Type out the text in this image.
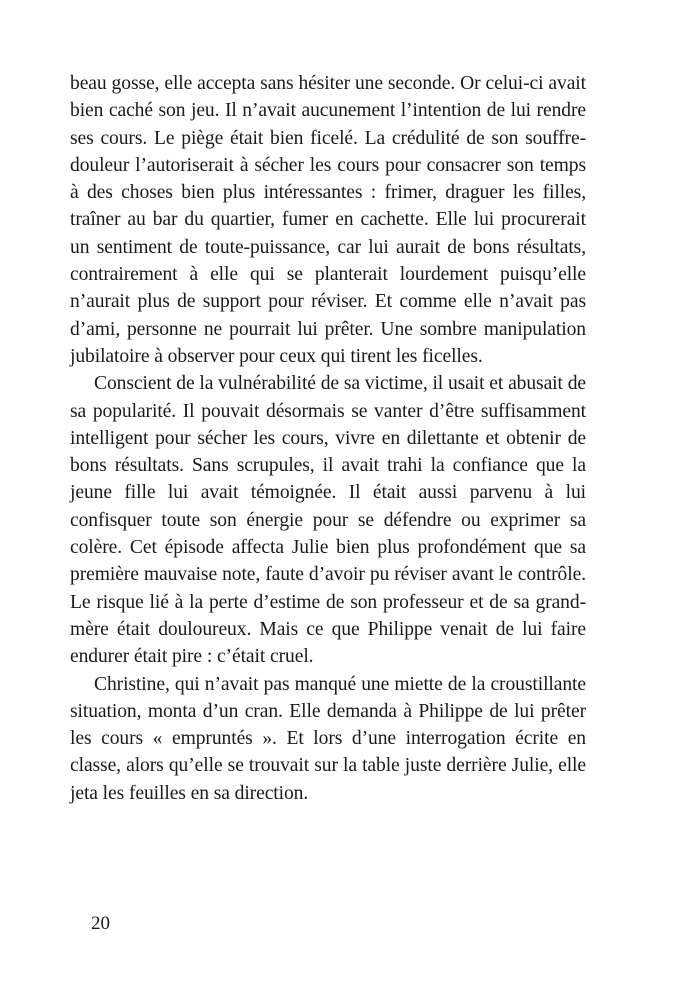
beau gosse, elle accepta sans hésiter une seconde. Or celui-ci avait bien caché son jeu. Il n’avait aucunement l’intention de lui rendre ses cours. Le piège était bien ficelé. La crédulité de son souffre-douleur l’autoriserait à sécher les cours pour consacrer son temps à des choses bien plus intéressantes : frimer, draguer les filles, traîner au bar du quartier, fumer en cachette. Elle lui procurerait un sentiment de toute-puissance, car lui aurait de bons résultats, contrairement à elle qui se planterait lourdement puisqu’elle n’aurait plus de support pour réviser. Et comme elle n’avait pas d’ami, personne ne pourrait lui prêter. Une sombre manipulation jubilatoire à observer pour ceux qui tirent les ficelles.

Conscient de la vulnérabilité de sa victime, il usait et abusait de sa popularité. Il pouvait désormais se vanter d’être suffisamment intelligent pour sécher les cours, vivre en dilettante et obtenir de bons résultats. Sans scrupules, il avait trahi la confiance que la jeune fille lui avait témoignée. Il était aussi parvenu à lui confisquer toute son énergie pour se défendre ou exprimer sa colère. Cet épisode affecta Julie bien plus profondément que sa première mauvaise note, faute d’avoir pu réviser avant le contrôle. Le risque lié à la perte d’estime de son professeur et de sa grand-mère était douloureux. Mais ce que Philippe venait de lui faire endurer était pire : c’était cruel.

Christine, qui n’avait pas manqué une miette de la croustillante situation, monta d’un cran. Elle demanda à Philippe de lui prêter les cours « empruntés ». Et lors d’une interrogation écrite en classe, alors qu’elle se trouvait sur la table juste derrière Julie, elle jeta les feuilles en sa direction.

20
